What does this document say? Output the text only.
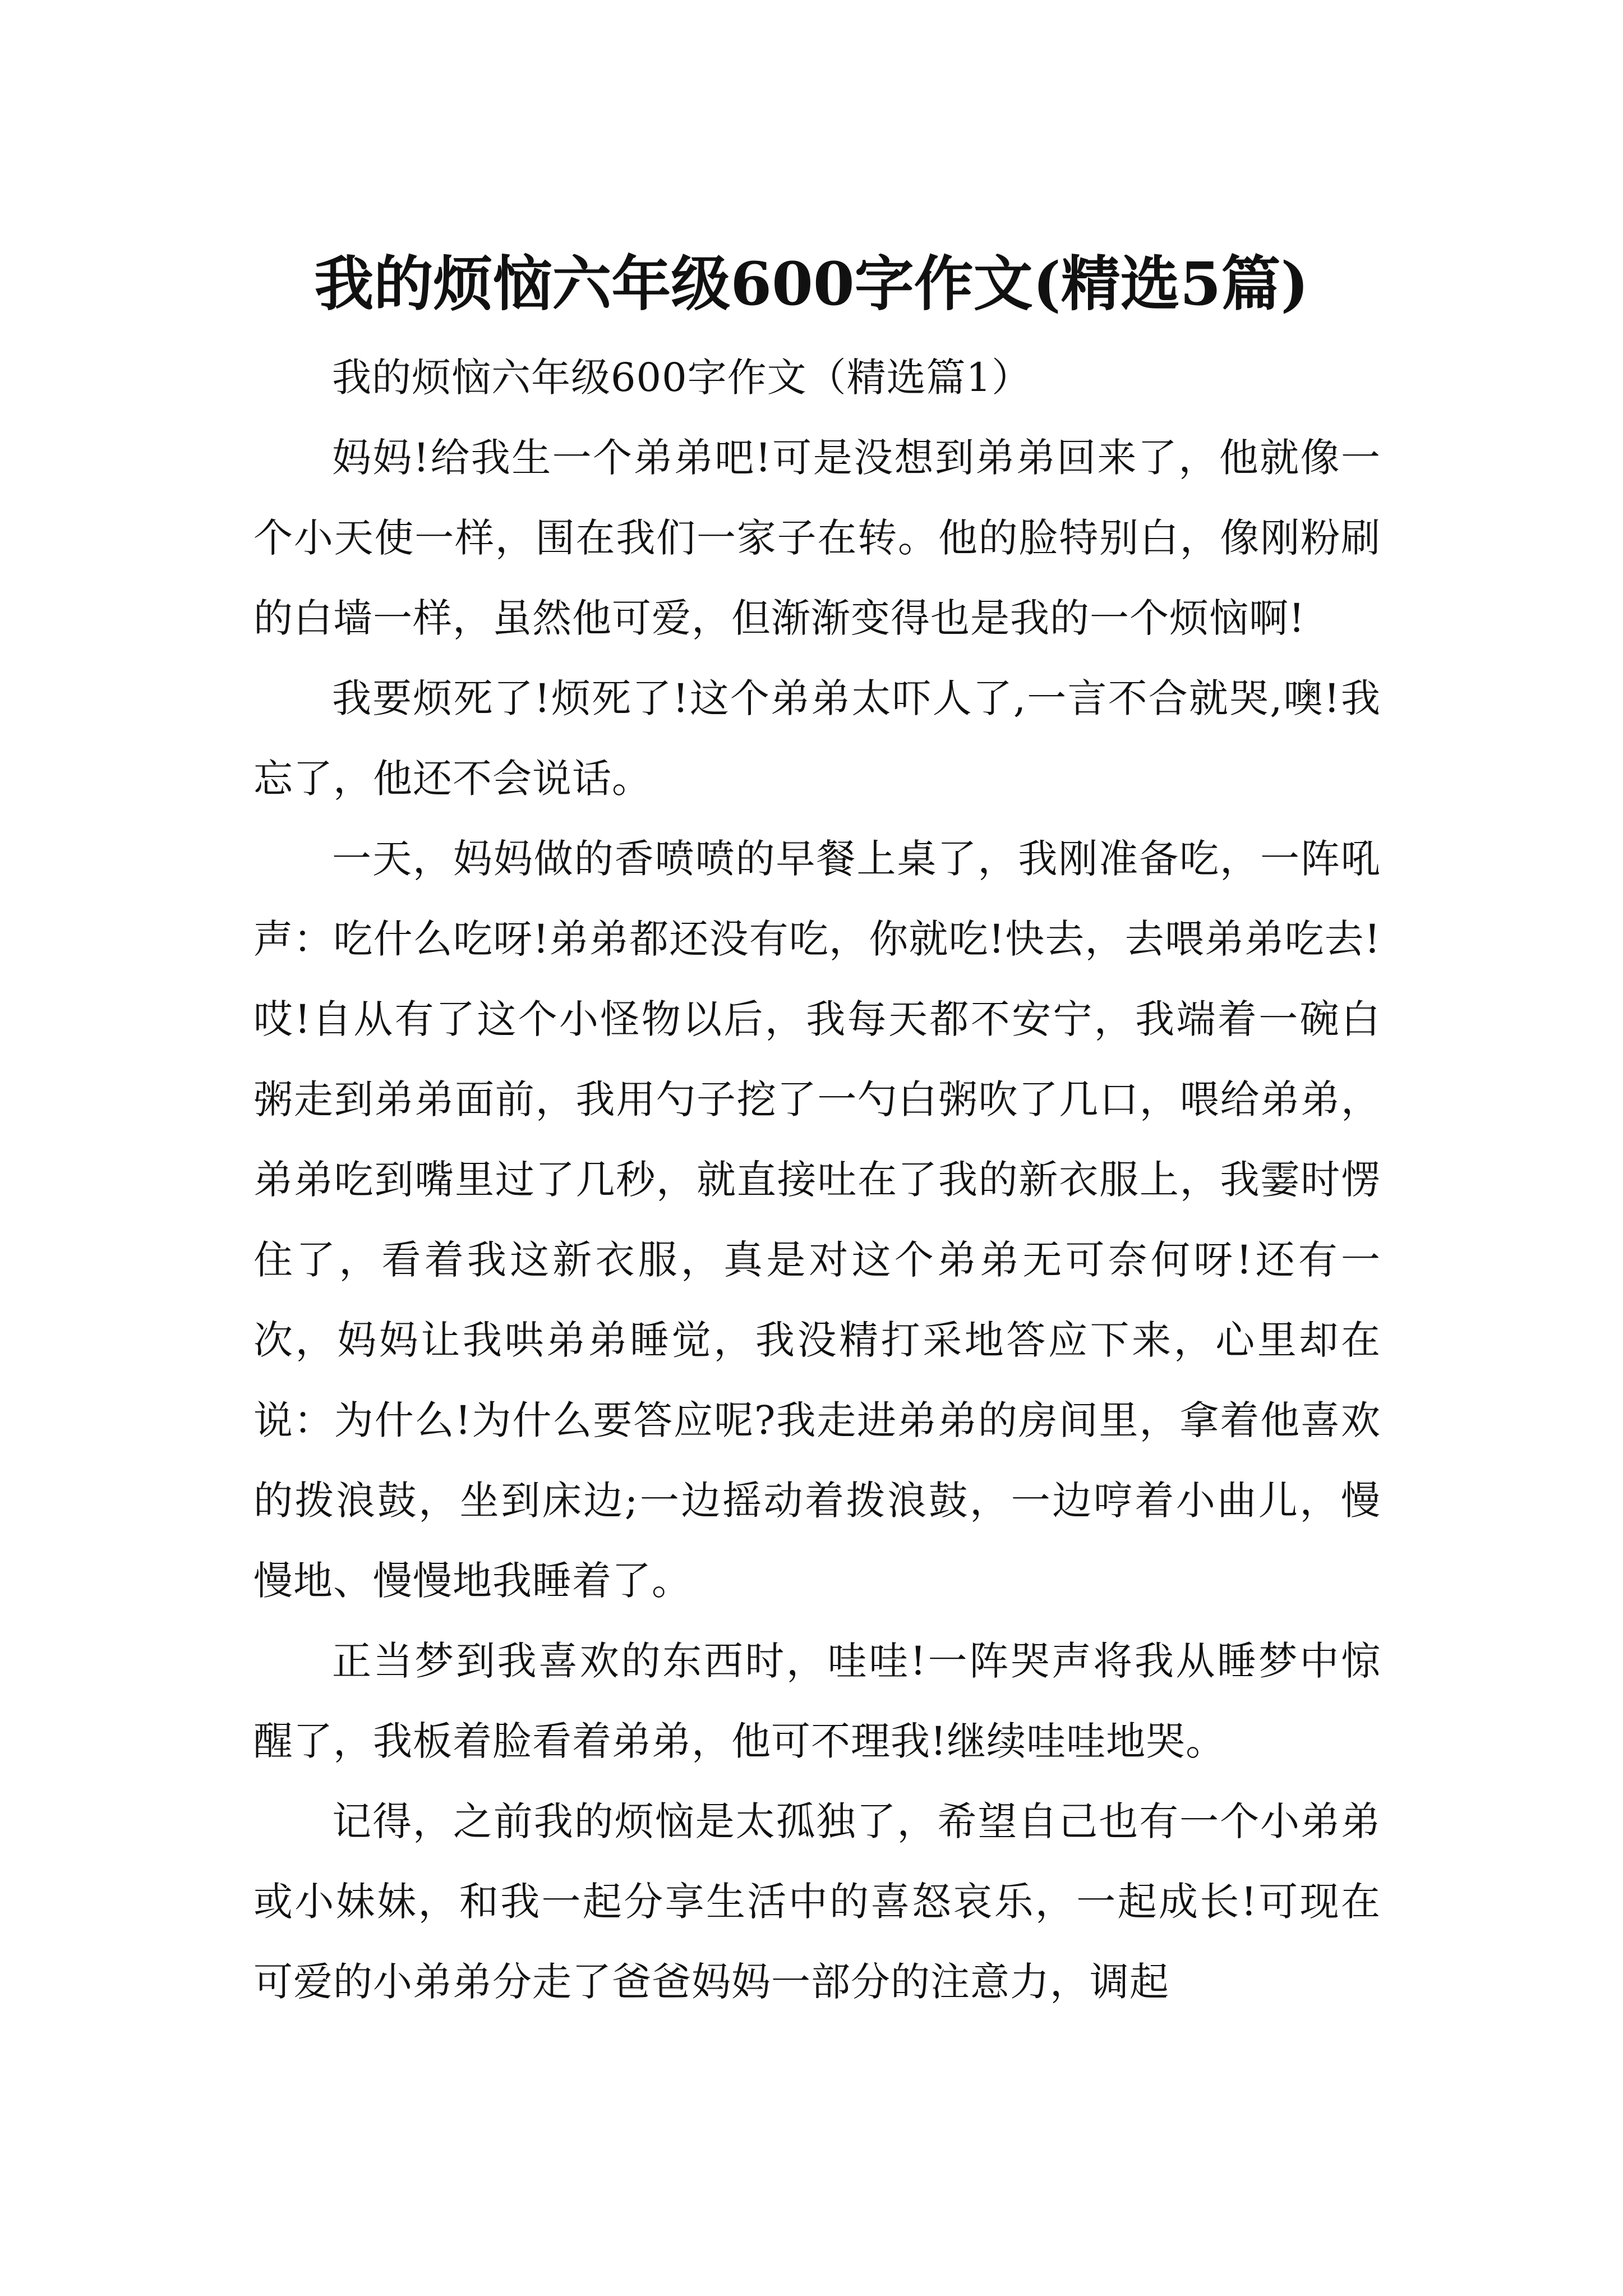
我的烦恼六年级600字作文(精选5篇)

我的烦恼六年级600字作文（精选篇1）

妈妈!给我生一个弟弟吧!可是没想到弟弟回来了，他就像一个小天使一样，围在我们一家子在转。他的脸特别白，像刚粉刷的白墙一样，虽然他可爱，但渐渐变得也是我的一个烦恼啊!

我要烦死了!烦死了!这个弟弟太吓人了,一言不合就哭,噢!我忘了，他还不会说话。

一天，妈妈做的香喷喷的早餐上桌了，我刚准备吃，一阵吼声：吃什么吃呀!弟弟都还没有吃，你就吃!快去，去喂弟弟吃去!哎!自从有了这个小怪物以后，我每天都不安宁，我端着一碗白粥走到弟弟面前，我用勺子挖了一勺白粥吹了几口，喂给弟弟，弟弟吃到嘴里过了几秒，就直接吐在了我的新衣服上，我霎时愣住了，看着我这新衣服，真是对这个弟弟无可奈何呀!还有一次，妈妈让我哄弟弟睡觉，我没精打采地答应下来，心里却在说：为什么!为什么要答应呢?我走进弟弟的房间里，拿着他喜欢的拨浪鼓，坐到床边;一边摇动着拨浪鼓，一边哼着小曲儿，慢慢地、慢慢地我睡着了。

正当梦到我喜欢的东西时，哇哇!一阵哭声将我从睡梦中惊醒了，我板着脸看着弟弟，他可不理我!继续哇哇地哭。

记得，之前我的烦恼是太孤独了，希望自己也有一个小弟弟或小妹妹，和我一起分享生活中的喜怒哀乐，一起成长!可现在可爱的小弟弟分走了爸爸妈妈一部分的注意力，调起
